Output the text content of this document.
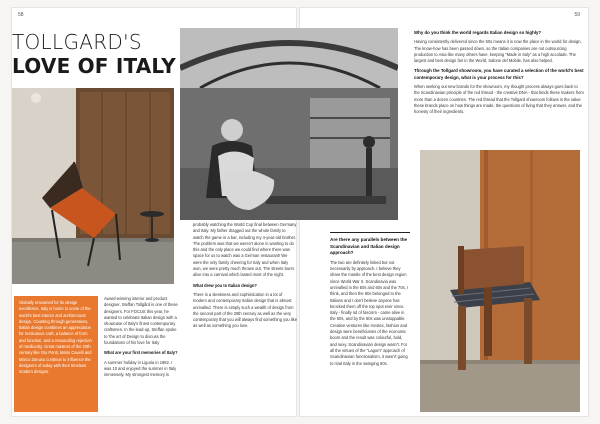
58	59
TOLLGARD'S
LOVE OF ITALY
Globally renowned for its design excellence, Italy is home to some of the world's best interior and architectural design. Counting through generations, Italian design combines an appreciation for meticulous craft, a balance of form and function, and a resounding rejection of mediocrity. Great masters of the 20th century like Gio Ponti, Mario Cavelli and Marco Zanuso continue to influence the designers of today with their timeless modern designs.

Award-winning interior and product designer, Steffan Tollgård is one of these designers. For FOCUS this year, he wanted to celebrate Italian design with a showcase of Italy's finest contemporary craftsmen. In the lead-up, Steffan spoke to 'the art of Design to discuss the foundations of his love for Italy

What are your first memories of Italy?

A summer holiday in Liguria in 1982. I was 10 and enjoyed the summer in Italy immensely. My strongest memory is

probably watching the World Cup final between Germany and Italy. My father dragged out the whole family to watch the game in a bar, including my 4-year-old brother. The problem was that we weren't alone in wanting to do this and the only place we could find where there was space for us to watch was a German restaurant! We were the only family cheering for Italy and when Italy won, we were pretty much thrown out. The streets burst alive into a carnival which lasted most of the night.

What drew you to Italian design?

There is a sleekness and sophistication in a lot of modern and contemporary Italian design that is almost unrivalled. There is simply such a wealth of design from the second part of the 20th century as well as the very contemporary that you will always find something you like as well as something you love.

Are there any parallels between the Scandinavian and Italian design approach?

The two are definitely linked but not necessarily by approach. I believe they share the mantle of the best design region since World War II. Scandinavia was unrivalled in the 50s and 60s and the 70s, I think, and then the 80s belonged to the Italians and I don't believe anyone has knocked them off the top spot ever since. Italy - finally rid of fascism - came alive in the 50s, and by the 60s was unstoppable. Creative ventures like Invotex, fashion and design were beneficiaries of the economic boom and the result was colourful, bold, and sexy. Scandinavian design wasn't. For all the virtues of the "Lagom" approach of Scandinavian functionalism, it wasn't going to rival Italy in the swinging 60s.

Why do you think the world regards Italian design so highly?

Having consistently delivered since the 50s means it is now the place in the world for design. The know-how has been passed down, so the Italian companies are not outsourcing production to Asia like many others have, keeping "Made in Italy" as a high accolade. The largest and best design fair in the World, Salone del Mobile, has also helped.

Through the Tollgard showroom, you have curated a selection of the world's best contemporary design, what is your process for this?

When seeking out new brands for the showroom, my thought process always goes back to the Scandinavian principle of the red thread - the creative DNA - that binds these makers from more than a dozen countries. The red thread that the Tollgard showroom follows is the value these brands place on how things are made, the questions of living that they answer, and the honesty of their ingredients.
